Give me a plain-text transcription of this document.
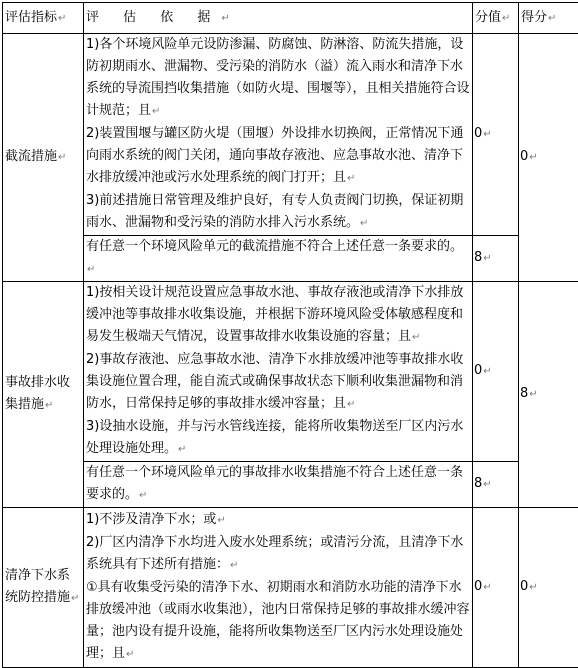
评估指标↵	评 估 依 据↵	分值↵	得分↵
截流措施↵	1)各个环境风险单元设防渗漏、防腐蚀、防淋溶、防流失措施，设防初期雨水、泄漏物、受污染的消防水（溢）流入雨水和清净下水系统的导流围挡收集措施（如防火堤、围堰等），且相关措施符合设计规范；且↵

2)装置围堰与罐区防火堤（围堰）外设排水切换阀，正常情况下通向雨水系统的阀门关闭，通向事故存液池、应急事故水池、清净下水排放缓冲池或污水处理系统的阀门打开；且↵

3)前述措施日常管理及维护良好，有专人负责阀门切换，保证初期雨水、泄漏物和受污染的消防水排入污水系统。↵	0↵	0↵
	有任意一个环境风险单元的截流措施不符合上述任意一条要求的。↵	8↵	
事故排水收集措施↵	1)按相关设计规范设置应急事故水池、事故存液池或清净下水排放缓冲池等事故排水收集设施，并根据下游环境风险受体敏感程度和易发生极端天气情况，设置事故排水收集设施的容量；且↵

2)事故存液池、应急事故水池、清净下水排放缓冲池等事故排水收集设施位置合理，能自流式或确保事故状态下顺利收集泄漏物和消防水，日常保持足够的事故排水缓冲容量；且↵

3)设抽水设施，并与污水管线连接，能将所收集物送至厂区内污水处理设施处理。↵	0↵	8↵
	有任意一个环境风险单元的事故排水收集措施不符合上述任意一条要求的。↵	8↵	
清净下水系统防控措施↵	1)不涉及清净下水；或↵

2)厂区内清净下水均进入废水处理系统；或清污分流，且清净下水系统具有下述所有措施：↵

①具有收集受污染的清净下水、初期雨水和消防水功能的清净下水排放缓冲池（或雨水收集池），池内日常保持足够的事故排水缓冲容量；池内设有提升设施，能将所收集物送至厂区内污水处理设施处理；且↵	0↵	0↵
